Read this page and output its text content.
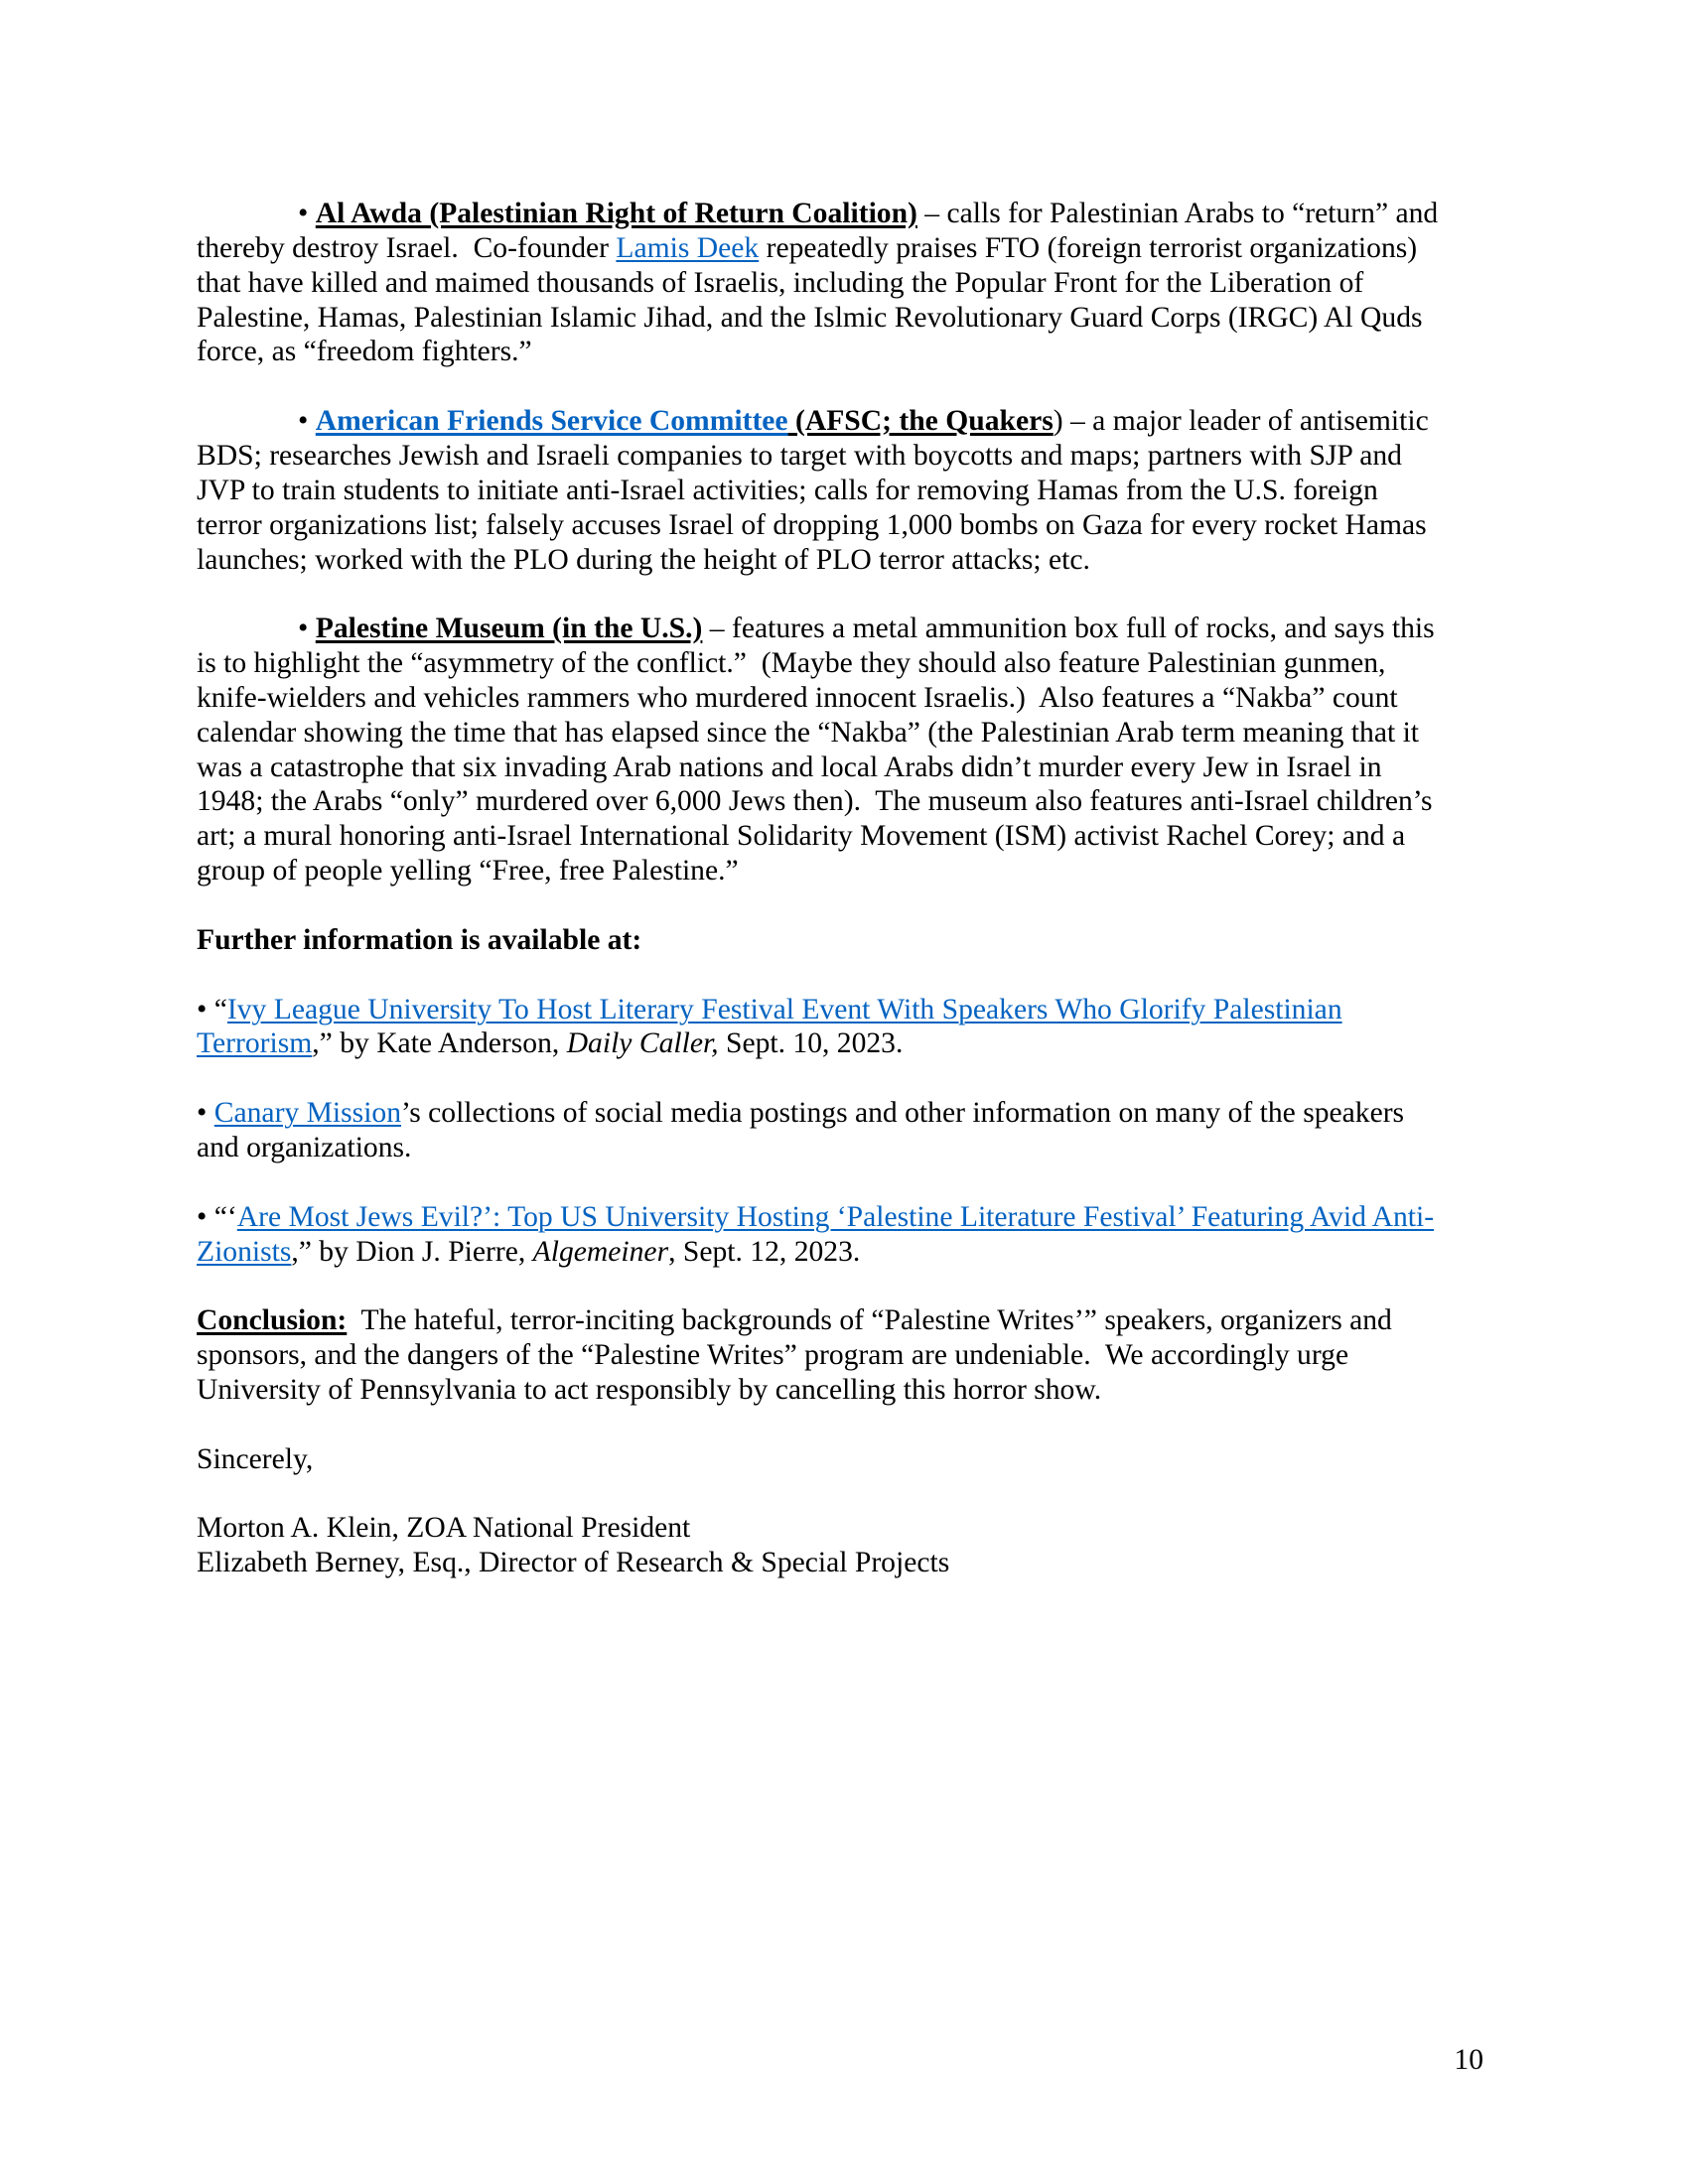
• Al Awda (Palestinian Right of Return Coalition) – calls for Palestinian Arabs to “return” and
thereby destroy Israel.  Co-founder Lamis Deek repeatedly praises FTO (foreign terrorist organizations)
that have killed and maimed thousands of Israelis, including the Popular Front for the Liberation of
Palestine, Hamas, Palestinian Islamic Jihad, and the Islmic Revolutionary Guard Corps (IRGC) Al Quds
force, as “freedom fighters.”
• American Friends Service Committee (AFSC; the Quakers) – a major leader of antisemitic
BDS; researches Jewish and Israeli companies to target with boycotts and maps; partners with SJP and
JVP to train students to initiate anti-Israel activities; calls for removing Hamas from the U.S. foreign
terror organizations list; falsely accuses Israel of dropping 1,000 bombs on Gaza for every rocket Hamas
launches; worked with the PLO during the height of PLO terror attacks; etc.
• Palestine Museum (in the U.S.) – features a metal ammunition box full of rocks, and says this
is to highlight the “asymmetry of the conflict.”  (Maybe they should also feature Palestinian gunmen,
knife-wielders and vehicles rammers who murdered innocent Israelis.)  Also features a “Nakba” count
calendar showing the time that has elapsed since the “Nakba” (the Palestinian Arab term meaning that it
was a catastrophe that six invading Arab nations and local Arabs didn’t murder every Jew in Israel in
1948; the Arabs “only” murdered over 6,000 Jews then).  The museum also features anti-Israel children’s
art; a mural honoring anti-Israel International Solidarity Movement (ISM) activist Rachel Corey; and a
group of people yelling “Free, free Palestine.”
Further information is available at:
• “Ivy League University To Host Literary Festival Event With Speakers Who Glorify Palestinian
Terrorism,” by Kate Anderson, Daily Caller, Sept. 10, 2023.
• Canary Mission’s collections of social media postings and other information on many of the speakers
and organizations.
• “‘Are Most Jews Evil?’: Top US University Hosting ‘Palestine Literature Festival’ Featuring Avid Anti-
Zionists,” by Dion J. Pierre, Algemeiner, Sept. 12, 2023.
Conclusion:  The hateful, terror-inciting backgrounds of “Palestine Writes’” speakers, organizers and
sponsors, and the dangers of the “Palestine Writes” program are undeniable.  We accordingly urge
University of Pennsylvania to act responsibly by cancelling this horror show.
Sincerely,
Morton A. Klein, ZOA National President
Elizabeth Berney, Esq., Director of Research & Special Projects
10
